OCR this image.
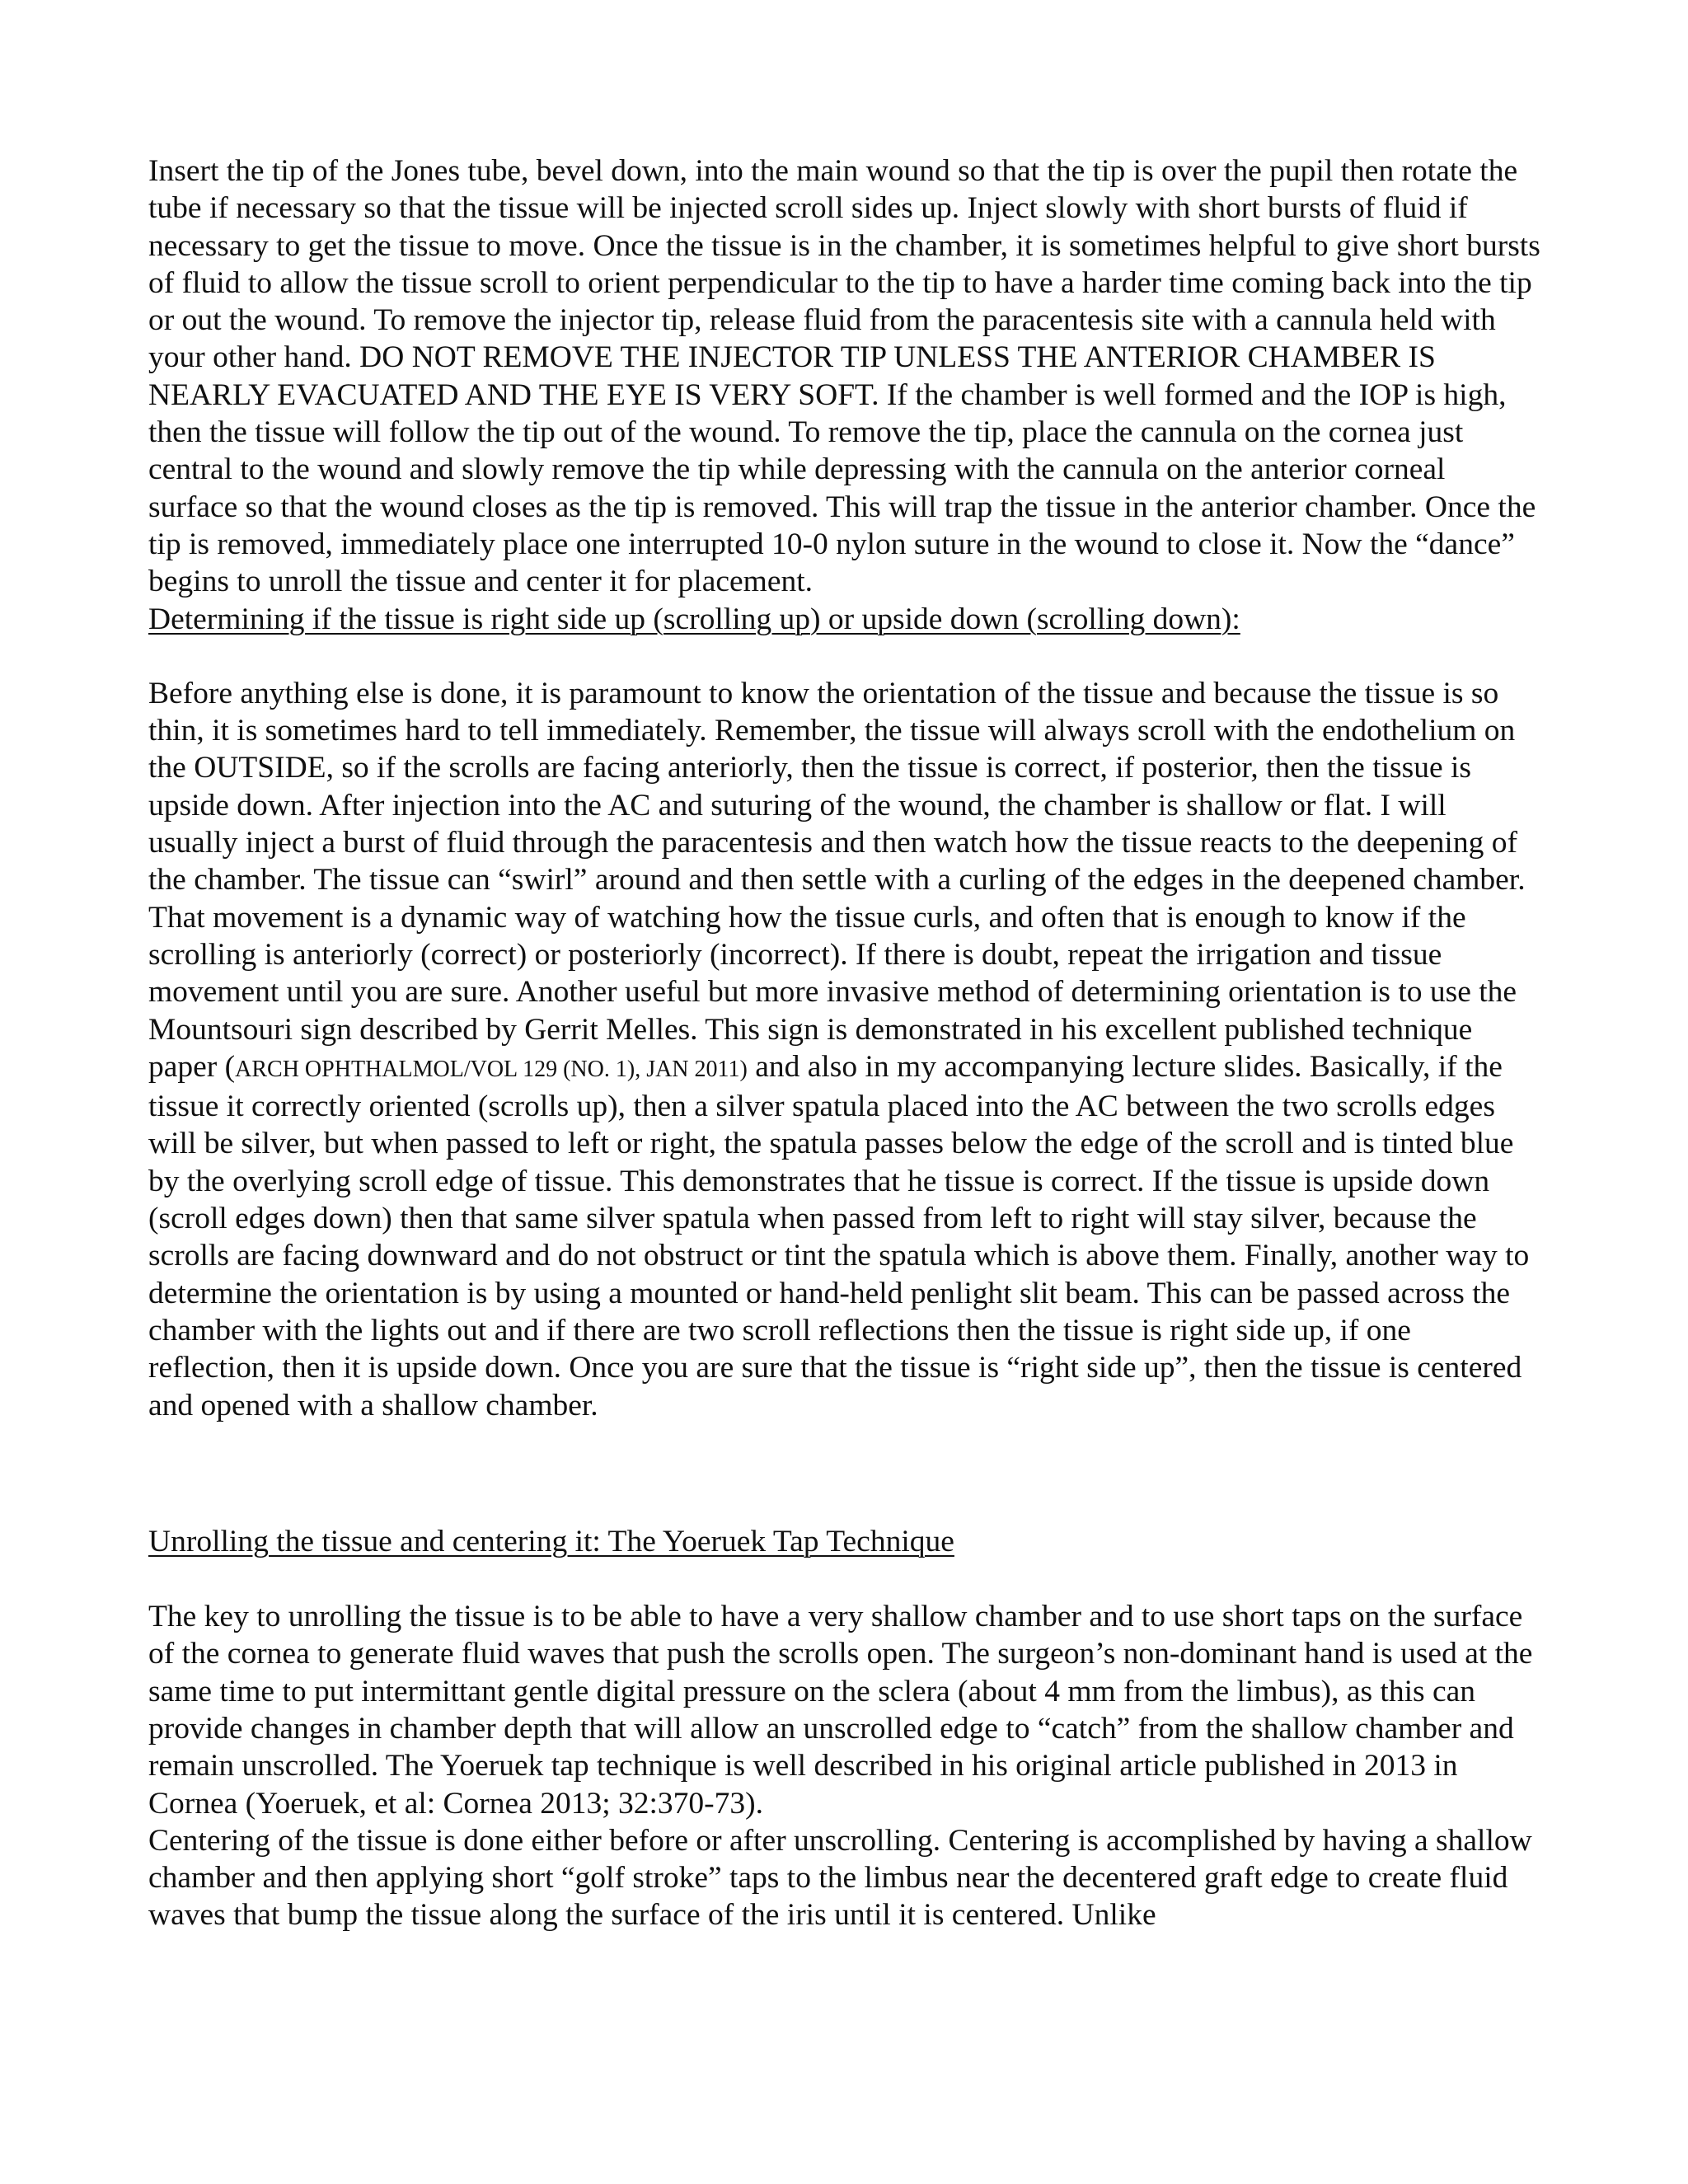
Insert the tip of the Jones tube, bevel down, into the main wound so that the tip is over the pupil then rotate the tube if necessary so that the tissue will be injected scroll sides up. Inject slowly with short bursts of fluid if necessary to get the tissue to move. Once the tissue is in the chamber, it is sometimes helpful to give short bursts of fluid to allow the tissue scroll to orient perpendicular to the tip to have a harder time coming back into the tip or out the wound. To remove the injector tip, release fluid from the paracentesis site with a cannula held with your other hand. DO NOT REMOVE THE INJECTOR TIP UNLESS THE ANTERIOR CHAMBER IS NEARLY EVACUATED AND THE EYE IS VERY SOFT. If the chamber is well formed and the IOP is high, then the tissue will follow the tip out of the wound. To remove the tip, place the cannula on the cornea just central to the wound and slowly remove the tip while depressing with the cannula on the anterior corneal surface so that the wound closes as the tip is removed. This will trap the tissue in the anterior chamber. Once the tip is removed, immediately place one interrupted 10-0 nylon suture in the wound to close it. Now the “dance” begins to unroll the tissue and center it for placement.

Determining if the tissue is right side up (scrolling up) or upside down (scrolling down):

Before anything else is done, it is paramount to know the orientation of the tissue and because the tissue is so thin, it is sometimes hard to tell immediately. Remember, the tissue will always scroll with the endothelium on the OUTSIDE, so if the scrolls are facing anteriorly, then the tissue is correct, if posterior, then the tissue is upside down. After injection into the AC and suturing of the wound, the chamber is shallow or flat. I will usually inject a burst of fluid through the paracentesis and then watch how the tissue reacts to the deepening of the chamber. The tissue can “swirl” around and then settle with a curling of the edges in the deepened chamber. That movement is a dynamic way of watching how the tissue curls, and often that is enough to know if the scrolling is anteriorly (correct) or posteriorly (incorrect). If there is doubt, repeat the irrigation and tissue movement until you are sure. Another useful but more invasive method of determining orientation is to use the Mountsouri sign described by Gerrit Melles. This sign is demonstrated in his excellent published technique paper (ARCH OPHTHALMOL/VOL 129 (NO. 1), JAN 2011) and also in my accompanying lecture slides. Basically, if the tissue it correctly oriented (scrolls up), then a silver spatula placed into the AC between the two scrolls edges will be silver, but when passed to left or right, the spatula passes below the edge of the scroll and is tinted blue by the overlying scroll edge of tissue. This demonstrates that he tissue is correct. If the tissue is upside down (scroll edges down) then that same silver spatula when passed from left to right will stay silver, because the scrolls are facing downward and do not obstruct or tint the spatula which is above them. Finally, another way to determine the orientation is by using a mounted or hand-held penlight slit beam. This can be passed across the chamber with the lights out and if there are two scroll reflections then the tissue is right side up, if one reflection, then it is upside down. Once you are sure that the tissue is “right side up”, then the tissue is centered and opened with a shallow chamber.

Unrolling the tissue and centering it: The Yoeruek Tap Technique

The key to unrolling the tissue is to be able to have a very shallow chamber and to use short taps on the surface of the cornea to generate fluid waves that push the scrolls open. The surgeon’s non-dominant hand is used at the same time to put intermittant gentle digital pressure on the sclera (about 4 mm from the limbus), as this can provide changes in chamber depth that will allow an unscrolled edge to “catch” from the shallow chamber and remain unscrolled. The Yoeruek tap technique is well described in his original article published in 2013 in Cornea (Yoeruek, et al: Cornea 2013; 32:370-73).

Centering of the tissue is done either before or after unscrolling. Centering is accomplished by having a shallow chamber and then applying short “golf stroke” taps to the limbus near the decentered graft edge to create fluid waves that bump the tissue along the surface of the iris until it is centered. Unlike
